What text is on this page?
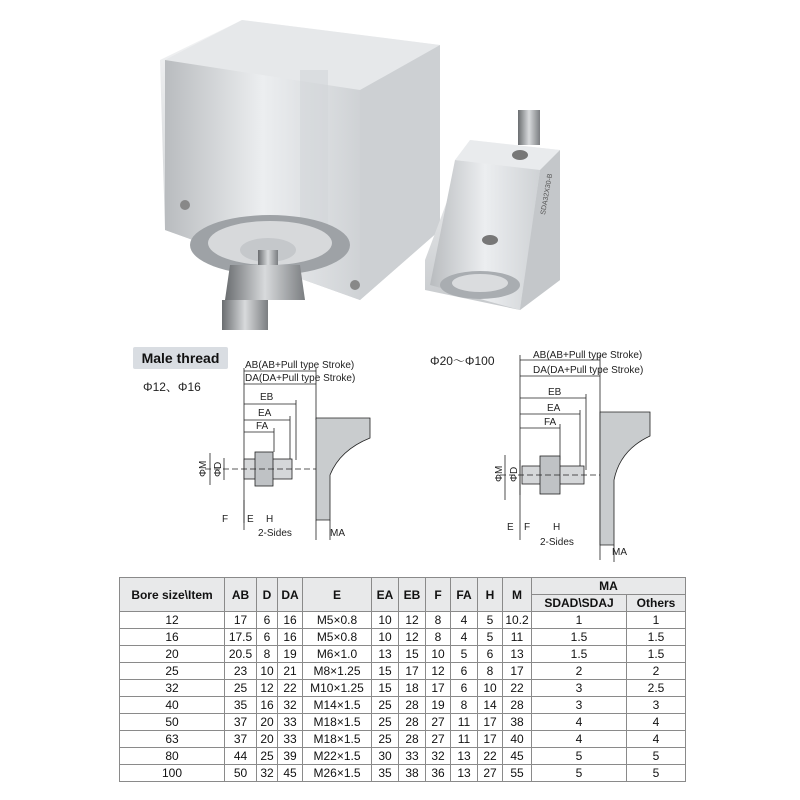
SDA32X30-B
Male thread
Φ12、Φ16
Φ20～Φ100
AB(AB+Pull type Stroke)
DA(DA+Pull type Stroke)
EB
EA
FA
ΦM ΦD
F E H
2-Sides	MA
AB(AB+Pull type Stroke)
DA(DA+Pull type Stroke)
EB
EA
FA
ΦM ΦD
E F H
2-Sides
MA
Bore size\Item	AB	D	DA	E	EA	EB	F	FA	H	M	MA	
											SDAD\SDAJ	Others
12	17	6	16	M5×0.8	10	12	8	4	5	10.2	1	1
16	17.5	6	16	M5×0.8	10	12	8	4	5	11	1.5	1.5
20	20.5	8	19	M6×1.0	13	15	10	5	6	13	1.5	1.5
25	23	10	21	M8×1.25	15	17	12	6	8	17	2	2
32	25	12	22	M10×1.25	15	18	17	6	10	22	3	2.5
40	35	16	32	M14×1.5	25	28	19	8	14	28	3	3
50	37	20	33	M18×1.5	25	28	27	11	17	38	4	4
63	37	20	33	M18×1.5	25	28	27	11	17	40	4	4
80	44	25	39	M22×1.5	30	33	32	13	22	45	5	5
100	50	32	45	M26×1.5	35	38	36	13	27	55	5	5
